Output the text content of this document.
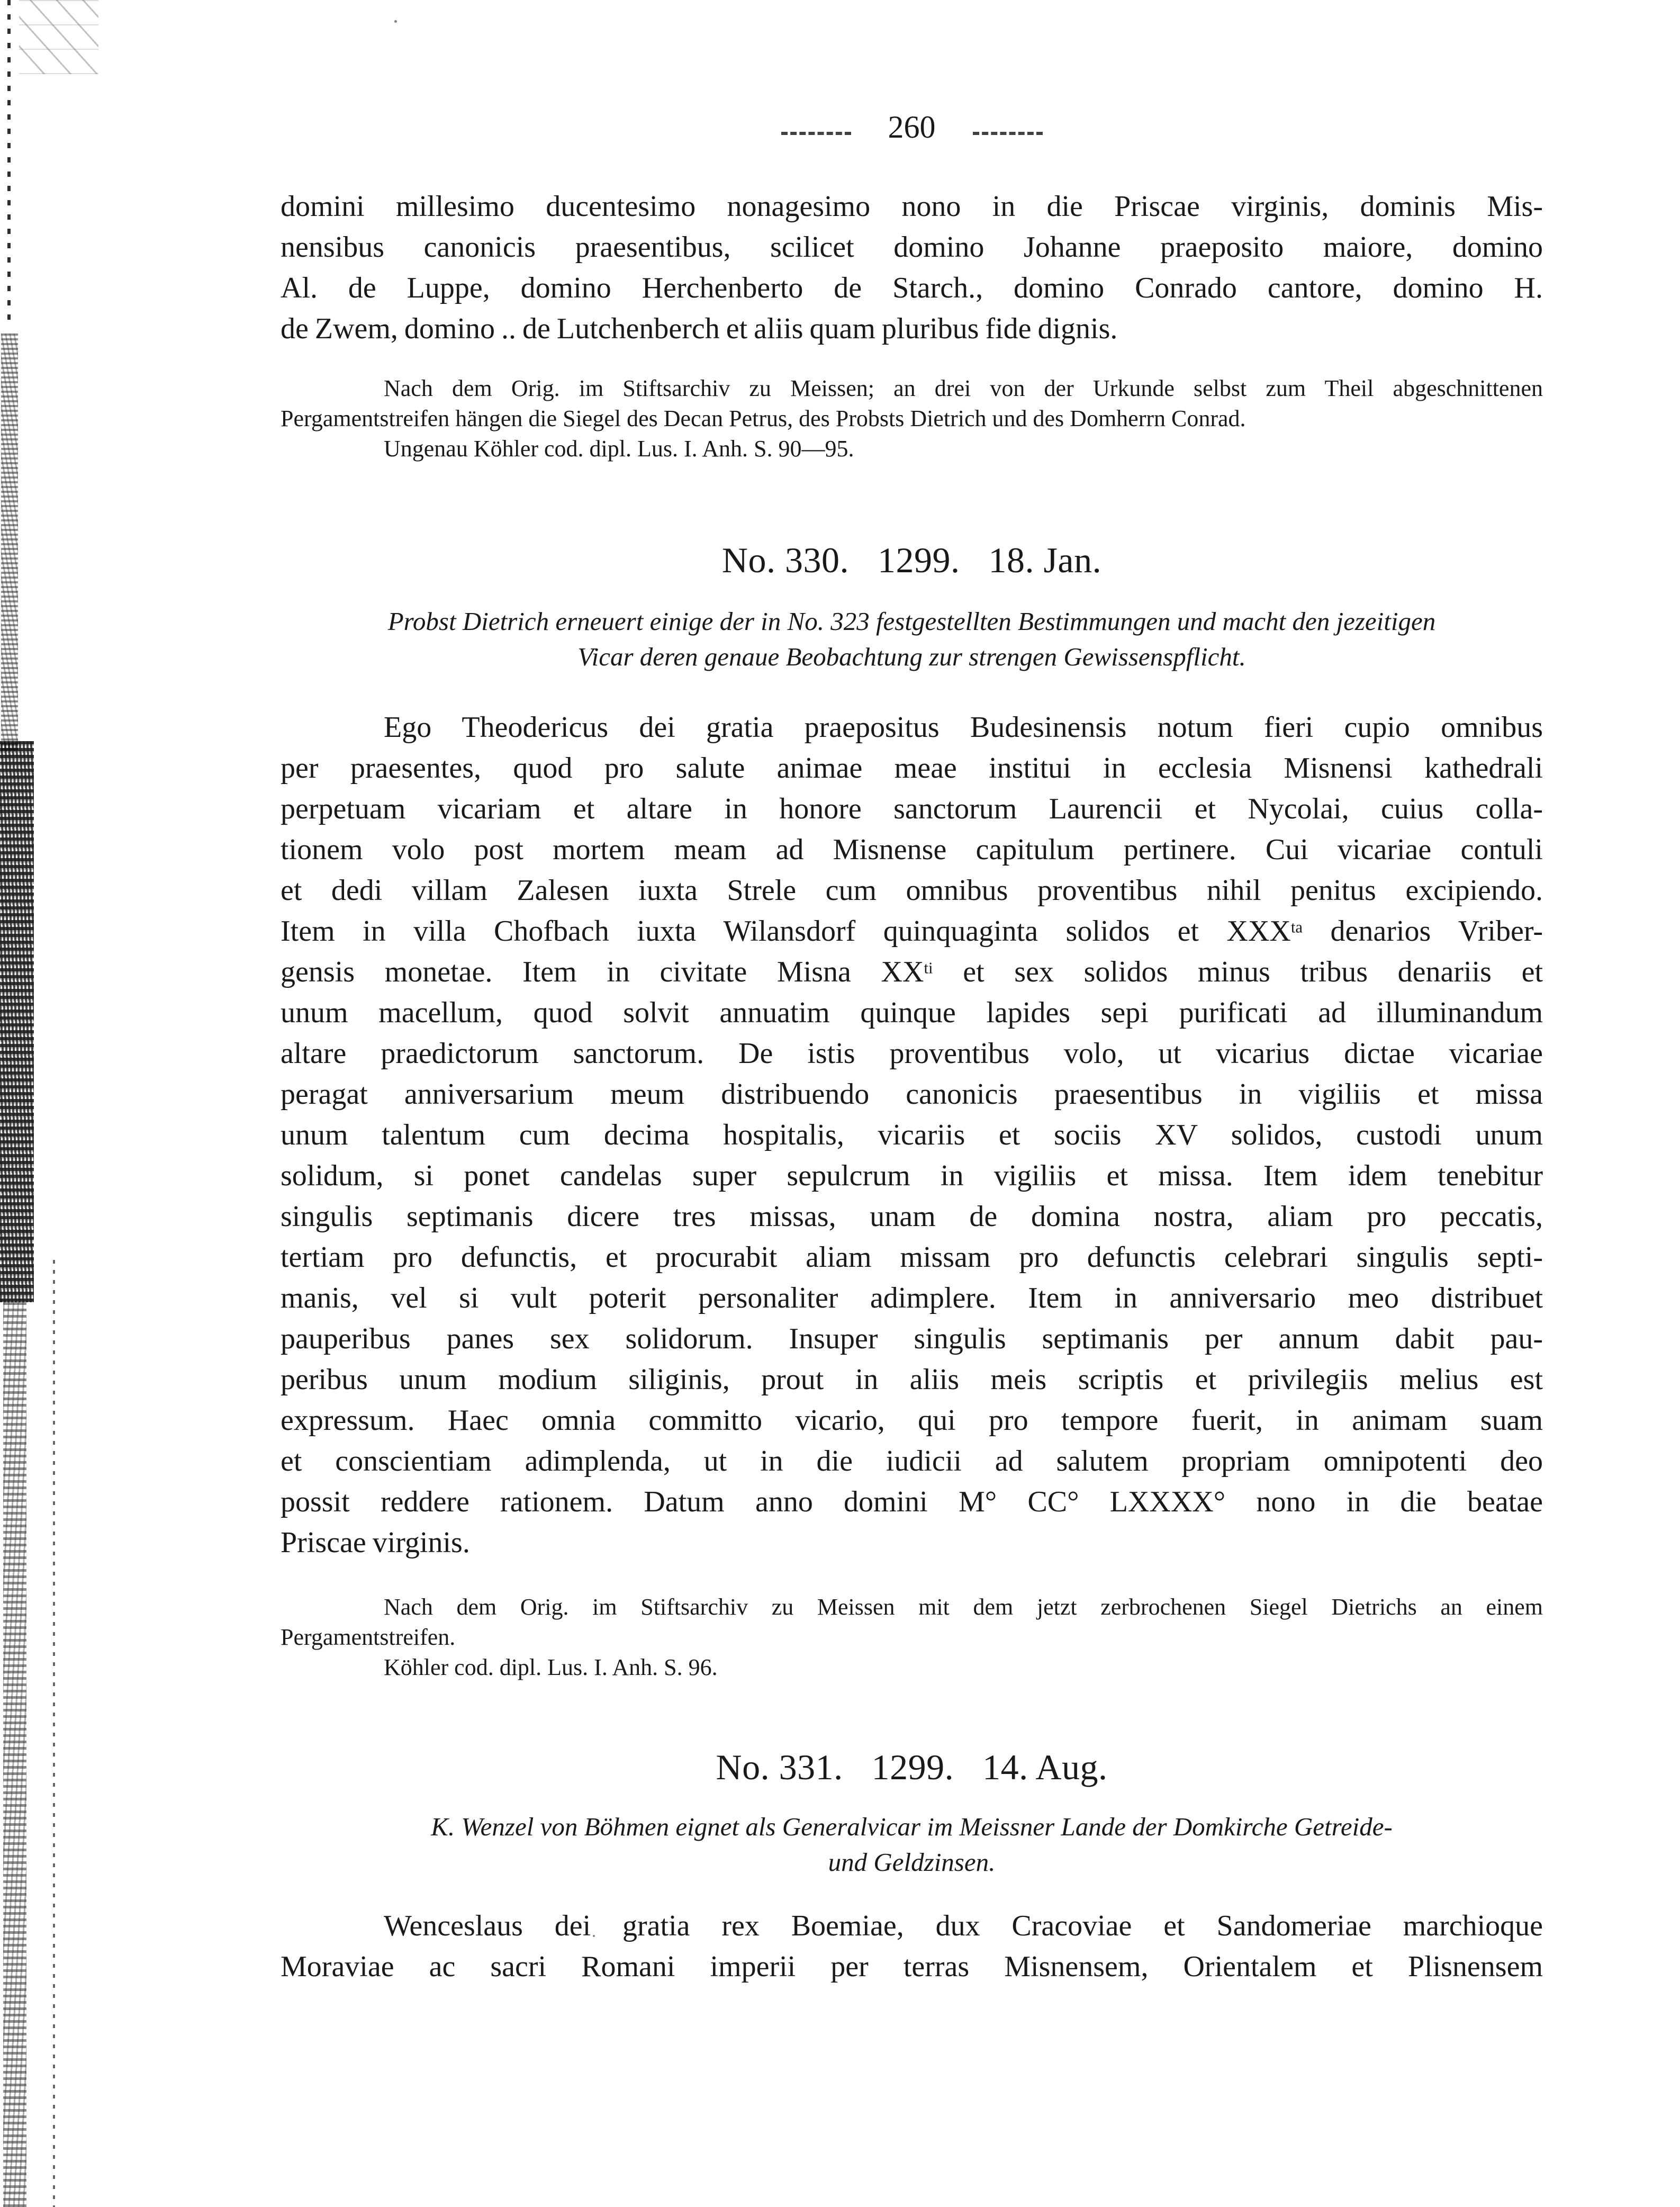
260
domini millesimo ducentesimo nonagesimo nono in die Priscae virginis, dominis Mis-
nensibus canonicis praesentibus, scilicet domino Johanne praeposito maiore, domino
Al. de Luppe, domino Herchenberto de Starch., domino Conrado cantore, domino H.
de Zwem, domino .. de Lutchenberch et aliis quam pluribus fide dignis.
Nach dem Orig. im Stiftsarchiv zu Meissen; an drei von der Urkunde selbst zum Theil abgeschnittenen
Pergamentstreifen hängen die Siegel des Decan Petrus, des Probsts Dietrich und des Domherrn Conrad.
Ungenau Köhler cod. dipl. Lus. I. Anh. S. 90—95.
No. 330. 1299. 18. Jan.
Probst Dietrich erneuert einige der in No. 323 festgestellten Bestimmungen und macht den jezeitigen
Vicar deren genaue Beobachtung zur strengen Gewissenspflicht.
Ego Theodericus dei gratia praepositus Budesinensis notum fieri cupio omnibus
per praesentes, quod pro salute animae meae institui in ecclesia Misnensi kathedrali
perpetuam vicariam et altare in honore sanctorum Laurencii et Nycolai, cuius colla-
tionem volo post mortem meam ad Misnense capitulum pertinere. Cui vicariae contuli
et dedi villam Zalesen iuxta Strele cum omnibus proventibus nihil penitus excipiendo.
Item in villa Chofbach iuxta Wilansdorf quinquaginta solidos et $XXX^{ta}$ denarios Vriber-
gensis monetae. Item in civitate Misna $XX^{ti}$ et sex solidos minus tribus denariis et
unum macellum, quod solvit annuatim quinque lapides sepi purificati ad illuminandum
altare praedictorum sanctorum. De istis proventibus volo, ut vicarius dictae vicariae
peragat anniversarium meum distribuendo canonicis praesentibus in vigiliis et missa
unum talentum cum decima hospitalis, vicariis et sociis XV solidos, custodi unum
solidum, si ponet candelas super sepulcrum in vigiliis et missa. Item idem tenebitur
singulis septimanis dicere tres missas, unam de domina nostra, aliam pro peccatis,
tertiam pro defunctis, et procurabit aliam missam pro defunctis celebrari singulis septi-
manis, vel si vult poterit personaliter adimplere. Item in anniversario meo distribuet
pauperibus panes sex solidorum. Insuper singulis septimanis per annum dabit pau-
peribus unum modium siliginis, prout in aliis meis scriptis et privilegiis melius est
expressum. Haec omnia committo vicario, qui pro tempore fuerit, in animam suam
et conscientiam adimplenda, ut in die iudicii ad salutem propriam omnipotenti deo
possit reddere rationem. Datum anno domini M° CC° LXXXX° nono in die beatae
Priscae virginis.
Nach dem Orig. im Stiftsarchiv zu Meissen mit dem jetzt zerbrochenen Siegel Dietrichs an einem
Pergamentstreifen.
Köhler cod. dipl. Lus. I. Anh. S. 96.
No. 331. 1299. 14. Aug.
K. Wenzel von Böhmen eignet als Generalvicar im Meissner Lande der Domkirche Getreide-
und Geldzinsen.
Wenceslaus dei gratia rex Boemiae, dux Cracoviae et Sandomeriae marchioque
Moraviae ac sacri Romani imperii per terras Misnensem, Orientalem et Plisnensem
